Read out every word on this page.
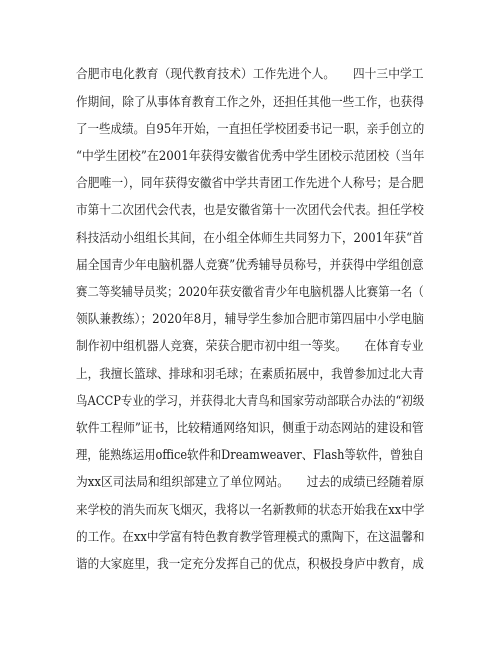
合肥市电化教育（现代教育技术）工作先进个人。　　四十三中学工
作期间，除了从事体育教育工作之外，还担任其他一些工作，也获得
了一些成绩。自95年开始，一直担任学校团委书记一职，亲手创立的
“中学生团校”在2001年获得安徽省优秀中学生团校示范团校（当年
合肥唯一），同年获得安徽省中学共青团工作先进个人称号；是合肥
市第十二次团代会代表，也是安徽省第十一次团代会代表。担任学校
科技活动小组组长其间，在小组全体师生共同努力下，2001年获“首
届全国青少年电脑机器人竞赛”优秀辅导员称号，并获得中学组创意
赛二等奖辅导员奖；2020年获安徽省青少年电脑机器人比赛第一名（
领队兼教练）；2020年8月，辅导学生参加合肥市第四届中小学电脑
制作初中组机器人竞赛，荣获合肥市初中组一等奖。　　在体育专业
上，我擅长篮球、排球和羽毛球；在素质拓展中，我曾参加过北大青
鸟ACCP专业的学习，并获得北大青鸟和国家劳动部联合办法的“初级
软件工程师”证书，比较精通网络知识，侧重于动态网站的建设和管
理，能熟练运用office软件和Dreamweaver、Flash等软件，曾独自
为xx区司法局和组织部建立了单位网站。　　过去的成绩已经随着原
来学校的消失而灰飞烟灭，我将以一名新教师的状态开始我在xx中学
的工作。在xx中学富有特色教育教学管理模式的熏陶下，在这温馨和
谐的大家庭里，我一定充分发挥自己的优点，积极投身庐中教育，成
